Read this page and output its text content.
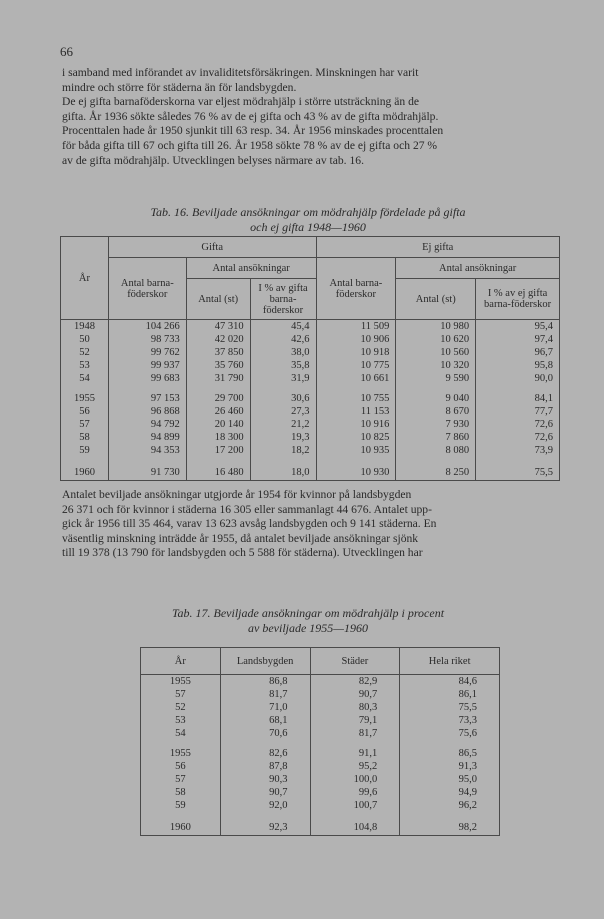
66

i samband med införandet av invaliditetsförsäkringen. Minskningen har varit

mindre och större för städerna än för landsbygden.

De ej gifta barnaföderskorna var eljest mödrahjälp i större utsträckning än de

gifta. År 1936 sökte således 76 % av de ej gifta och 43 % av de gifta mödrahjälp.

Procenttalen hade år 1950 sjunkit till 63 resp. 34. År 1956 minskades procenttalen

för båda gifta till 67 och gifta till 26. År 1958 sökte 78 % av de ej gifta och 27 %

av de gifta mödrahjälp. Utvecklingen belyses närmare av tab. 16.

Tab. 16. Beviljade ansökningar om mödrahjälp fördelade på gifta
och ej gifta 1948—1960
År	Gifta			Ej gifta		
	Antal barna-föderskor	Antal ansökningar		Antal barna-föderskor	Antal ansökningar	
		Antal (st)	I % av gifta barna-föderskor		Antal (st)	I % av ej gifta barna-föderskor
1948	104 266	47 310	45,4	11 509	10 980	95,4
50	98 733	42 020	42,6	10 906	10 620	97,4
52	99 762	37 850	38,0	10 918	10 560	96,7
53	99 937	35 760	35,8	10 775	10 320	95,8
54	99 683	31 790	31,9	10 661	9 590	90,0

1955	97 153	29 700	30,6	10 755	9 040	84,1
56	96 868	26 460	27,3	11 153	8 670	77,7
57	94 792	20 140	21,2	10 916	7 930	72,6
58	94 899	18 300	19,3	10 825	7 860	72,6
59	94 353	17 200	18,2	10 935	8 080	73,9

1960	91 730	16 480	18,0	10 930	8 250	75,5

Antalet beviljade ansökningar utgjorde år 1954 för kvinnor på landsbygden

26 371 och för kvinnor i städerna 16 305 eller sammanlagt 44 676. Antalet upp-

gick år 1956 till 35 464, varav 13 623 avsåg landsbygden och 9 141 städerna. En

väsentlig minskning inträdde år 1955, då antalet beviljade ansökningar sjönk

till 19 378 (13 790 för landsbygden och 5 588 för städerna). Utvecklingen har

Tab. 17. Beviljade ansökningar om mödrahjälp i procent
av beviljade 1955—1960
År	Landsbygden	Städer	Hela riket
1955	86,8	82,9	84,6
57	81,7	90,7	86,1
52	71,0	80,3	75,5
53	68,1	79,1	73,3
54	70,6	81,7	75,6

1955	82,6	91,1	86,5
56	87,8	95,2	91,3
57	90,3	100,0	95,0
58	90,7	99,6	94,9
59	92,0	100,7	96,2

1960	92,3	104,8	98,2
